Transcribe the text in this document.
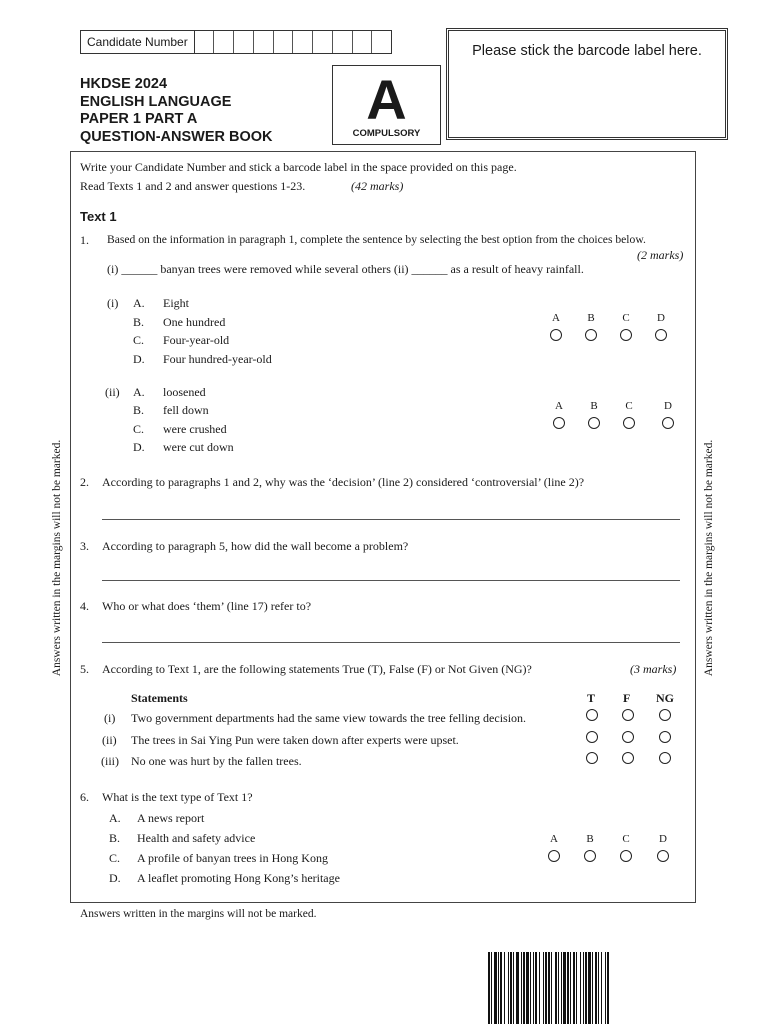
Candidate Number
Please stick the barcode label here.
HKDSE 2024
ENGLISH LANGUAGE
PAPER 1 PART A
QUESTION-ANSWER BOOK
A
COMPULSORY
Write your Candidate Number and stick a barcode label in the space provided on this page.
Read Texts 1 and 2 and answer questions 1-23.	(42 marks)
Text 1
1. Based on the information in paragraph 1, complete the sentence by selecting the best option from the choices below.
(2 marks)
(i) ______ banyan trees were removed while several others (ii) ______ as a result of heavy rainfall.
(i) A. Eight
B. One hundred
C. Four-year-old
D. Four hundred-year-old
A	B	C	D
(ii) A. loosened
B. fell down
C. were crushed
D. were cut down
A	B	C	D
2. According to paragraphs 1 and 2, why was the ‘decision’ (line 2) considered ‘controversial’ (line 2)?
3. According to paragraph 5, how did the wall become a problem?
4. Who or what does ‘them’ (line 17) refer to?
5. According to Text 1, are the following statements True (T), False (F) or Not Given (NG)?	(3 marks)
Statements	T F NG
(i) Two government departments had the same view towards the tree felling decision.
(ii) The trees in Sai Ying Pun were taken down after experts were upset.
(iii) No one was hurt by the fallen trees.
6. What is the text type of Text 1?
A. A news report
B. Health and safety advice
C. A profile of banyan trees in Hong Kong
D. A leaflet promoting Hong Kong’s heritage
A	B	C	D
Answers written in the margins will not be marked.	Answers written in the margins will not be marked.
Answers written in the margins will not be marked.
